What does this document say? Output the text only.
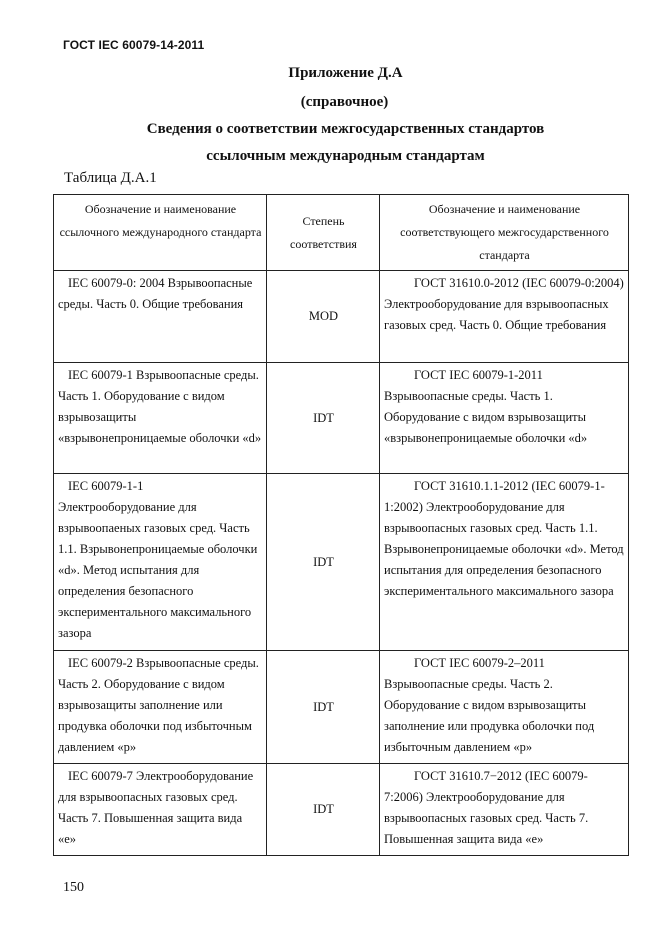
ГОСТ IEC 60079-14-2011
Приложение Д.А
(справочное)
Сведения о соответствии межгосударственных стандартов
ссылочным международным стандартам
Таблица Д.А.1
Обозначение и наименование ссылочного международного стандарта	Степень соответствия	Обозначение и наименование соответствующего межгосударственного стандарта

IEC 60079-0: 2004 Взрывоопасные среды. Часть 0. Общие требования	MOD	ГОСТ 31610.0-2012 (IEC 60079-0:2004) Электрооборудование для взрывоопасных газовых сред. Часть 0. Общие требования

IEC 60079-1 Взрывоопасные среды. Часть 1. Оборудование с видом взрывозащиты «взрывонепроницаемые оболочки «d»	IDT	ГОСТ IEC 60079-1-2011 Взрывоопасные среды. Часть 1. Оборудование с видом взрывозащиты «взрывонепроницаемые оболочки «d»

IEC 60079-1-1 Электрооборудование для взрывоопаеных газовых сред. Часть 1.1. Взрывонепроницаемые оболочки «d». Метод испытания для определения безопасного экспериментального максимального зазора	IDT	ГОСТ 31610.1.1-2012 (IEC 60079-1-1:2002) Электрооборудование для взрывоопасных газовых сред. Часть 1.1. Взрывонепроницаемые оболочки «d». Метод испытания для определения безопасного экспериментального максимального зазора

IEC 60079-2 Взрывоопасные среды. Часть 2. Оборудование с видом взрывозащиты заполнение или продувка оболочки под избыточным давлением «р»	IDT	ГОСТ IEC 60079-2–2011 Взрывоопасные среды. Часть 2. Оборудование с видом взрывозащиты заполнение или продувка оболочки под избыточным давлением «р»

IEC 60079-7 Электрооборудование для взрывоопасных газовых сред. Часть 7. Повышенная защита вида «е»	IDT	ГОСТ 31610.7−2012 (IEC 60079-7:2006) Электрооборудование для взрывоопасных газовых сред. Часть 7. Повышенная защита вида «е»
150
